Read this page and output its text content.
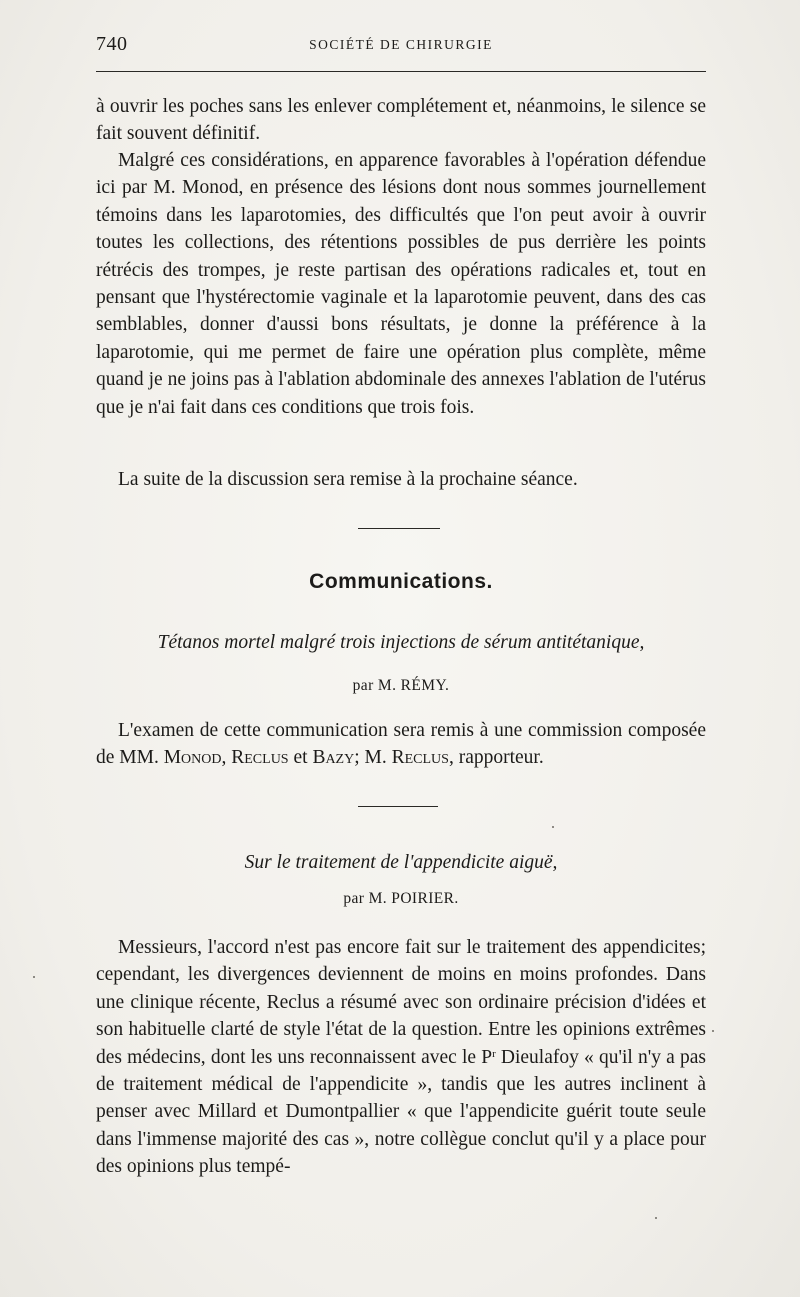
740	SOCIÉTÉ DE CHIRURGIE

à ouvrir les poches sans les enlever complétement et, néanmoins, le silence se fait souvent définitif.

Malgré ces considérations, en apparence favorables à l'opération défendue ici par M. Monod, en présence des lésions dont nous sommes journellement témoins dans les laparotomies, des difficultés que l'on peut avoir à ouvrir toutes les collections, des rétentions possibles de pus derrière les points rétrécis des trompes, je reste partisan des opérations radicales et, tout en pensant que l'hystérectomie vaginale et la laparotomie peuvent, dans des cas semblables, donner d'aussi bons résultats, je donne la préférence à la laparotomie, qui me permet de faire une opération plus complète, même quand je ne joins pas à l'ablation abdominale des annexes l'ablation de l'utérus que je n'ai fait dans ces conditions que trois fois.

La suite de la discussion sera remise à la prochaine séance.

Communications.
Tétanos mortel malgré trois injections de sérum antitétanique,
par M. RÉMY.

L'examen de cette communication sera remis à une commission composée de MM. Monod, Reclus et Bazy; M. Reclus, rapporteur.

Sur le traitement de l'appendicite aiguë,
par M. POIRIER.

Messieurs, l'accord n'est pas encore fait sur le traitement des appendicites; cependant, les divergences deviennent de moins en moins profondes. Dans une clinique récente, Reclus a résumé avec son ordinaire précision d'idées et son habituelle clarté de style l'état de la question. Entre les opinions extrêmes des médecins, dont les uns reconnaissent avec le $P^r$ Dieulafoy « qu'il n'y a pas de traitement médical de l'appendicite », tandis que les autres inclinent à penser avec Millard et Dumontpallier « que l'appendicite guérit toute seule dans l'immense majorité des cas », notre collègue conclut qu'il y a place pour des opinions plus tempé-
